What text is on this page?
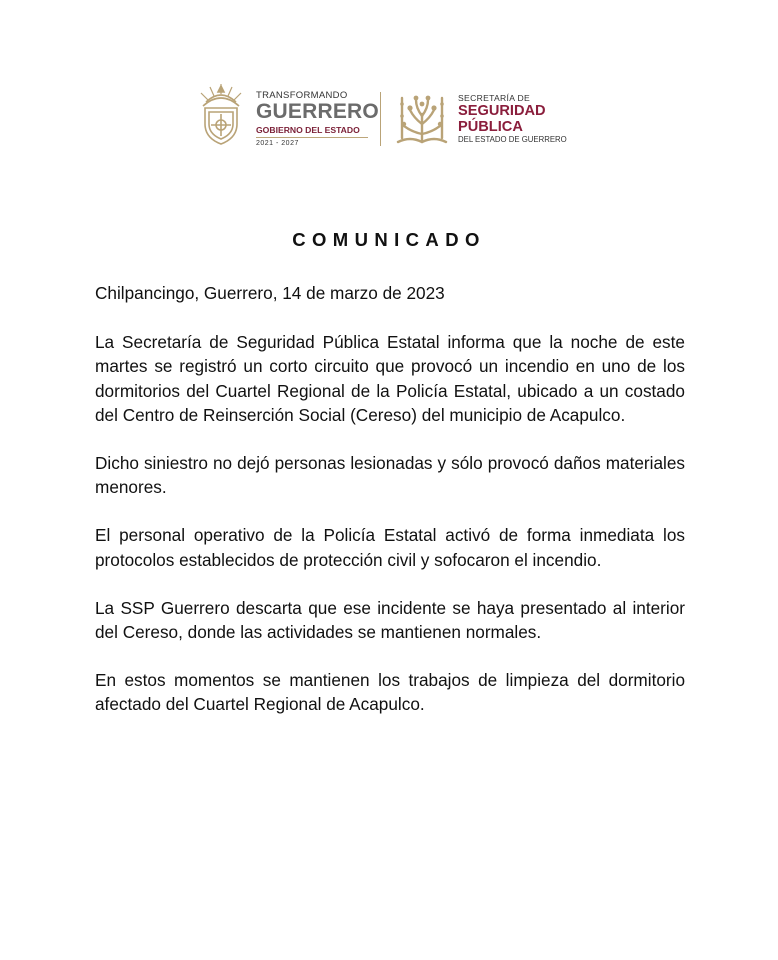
TRANSFORMANDO
GUERRERO
GOBIERNO DEL ESTADO
2021 - 2027
SECRETARÍA DE
SEGURIDAD
PÚBLICA
DEL ESTADO DE GUERRERO
COMUNICADO

Chilpancingo, Guerrero, 14 de marzo de 2023

La Secretaría de Seguridad Pública Estatal informa que la noche de este martes se registró un corto circuito que provocó un incendio en uno de los dormitorios del Cuartel Regional de la Policía Estatal, ubicado a un costado del Centro de Reinserción Social (Cereso) del municipio de Acapulco.

Dicho siniestro no dejó personas lesionadas y sólo provocó daños materiales menores.

El personal operativo de la Policía Estatal activó de forma inmediata los protocolos establecidos de protección civil y sofocaron el incendio.

La SSP Guerrero descarta que ese incidente se haya presentado al interior del Cereso, donde las actividades se mantienen normales.

En estos momentos se mantienen los trabajos de limpieza del dormitorio afectado del Cuartel Regional de Acapulco.
